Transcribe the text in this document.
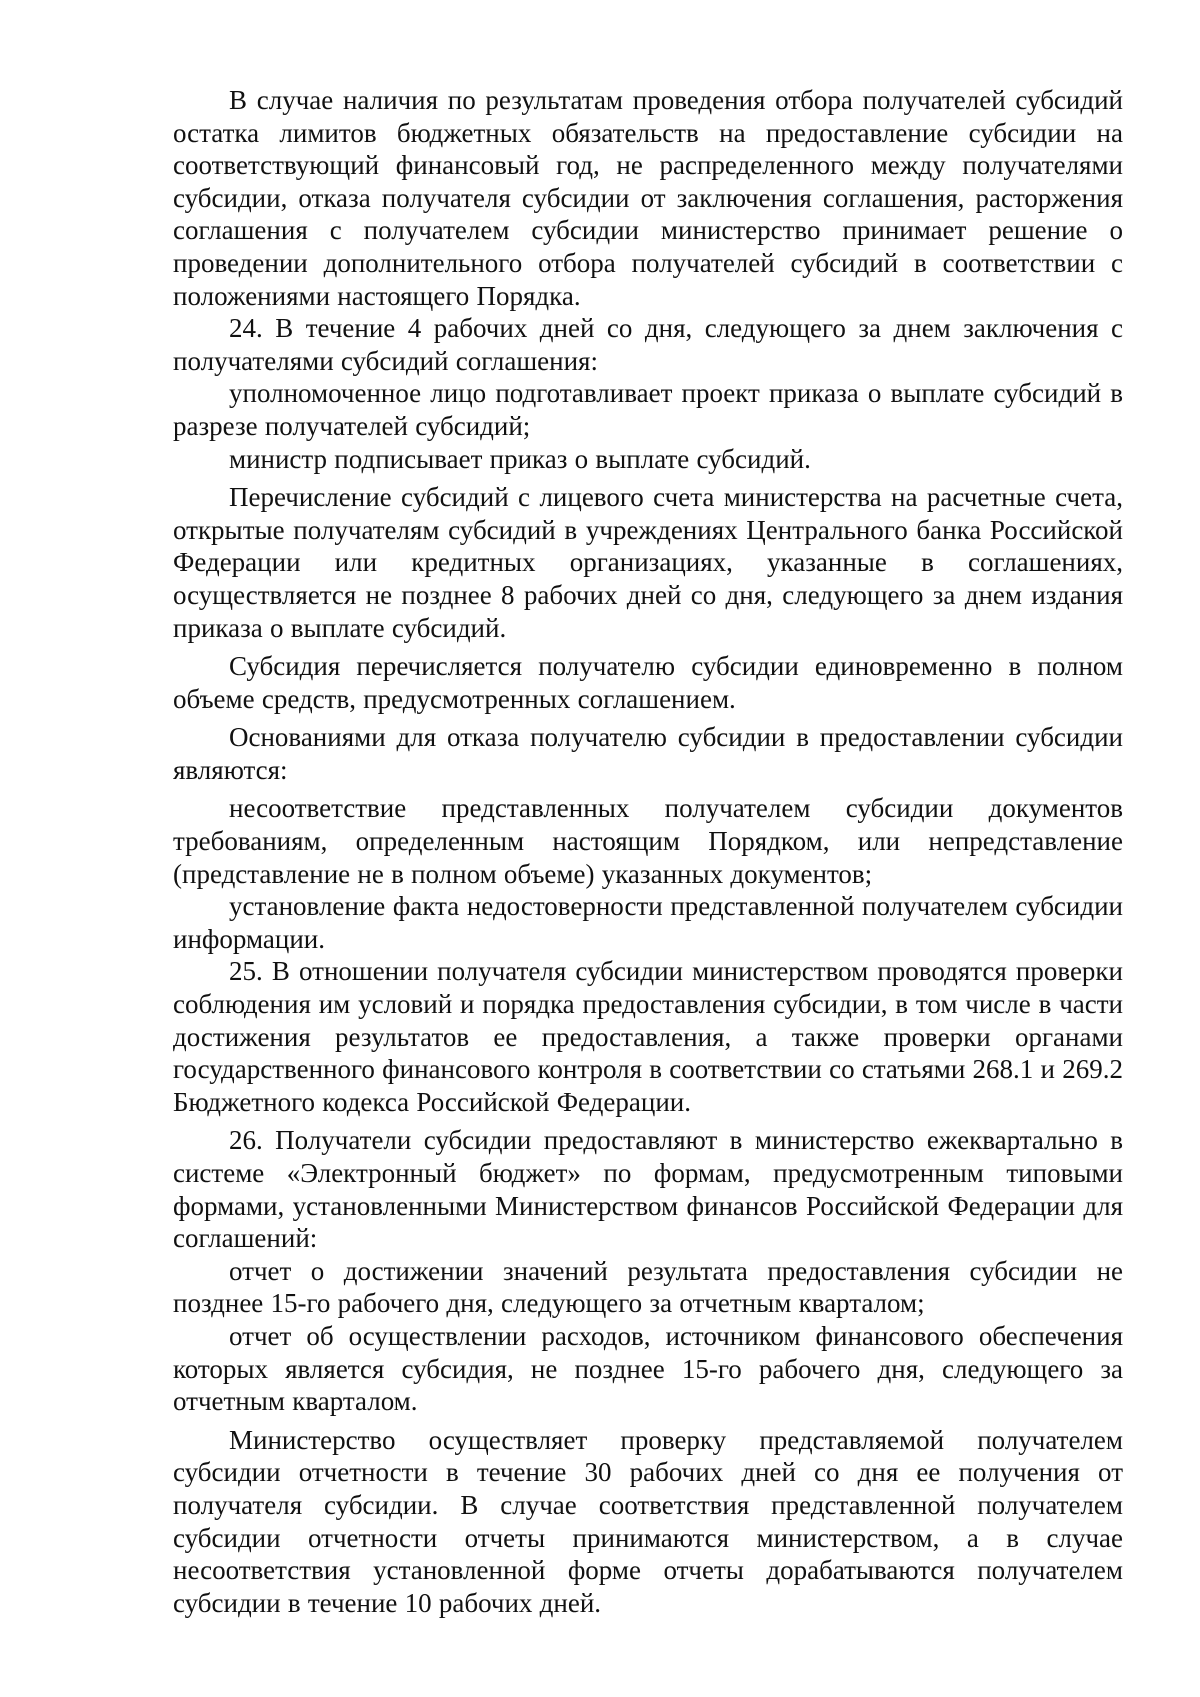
В случае наличия по результатам проведения отбора получателей субсидий остатка лимитов бюджетных обязательств на предоставление субсидии на соответствующий финансовый год, не распределенного между получателями субсидии, отказа получателя субсидии от заключения соглашения, расторжения соглашения с получателем субсидии министерство принимает решение о проведении дополнительного отбора получателей субсидий в соответствии с положениями настоящего Порядка.

24. В течение 4 рабочих дней со дня, следующего за днем заключения с получателями субсидий соглашения:

уполномоченное лицо подготавливает проект приказа о выплате субсидий в разрезе получателей субсидий;

министр подписывает приказ о выплате субсидий.

Перечисление субсидий с лицевого счета министерства на расчетные счета, открытые получателям субсидий в учреждениях Центрального банка Российской Федерации или кредитных организациях, указанные в соглашениях, осуществляется не позднее 8 рабочих дней со дня, следующего за днем издания приказа о выплате субсидий.

Субсидия перечисляется получателю субсидии единовременно в полном объеме средств, предусмотренных соглашением.

Основаниями для отказа получателю субсидии в предоставлении субсидии являются:

несоответствие представленных получателем субсидии документов требованиям, определенным настоящим Порядком, или непредставление (представление не в полном объеме) указанных документов;

установление факта недостоверности представленной получателем субсидии информации.

25. В отношении получателя субсидии министерством проводятся проверки соблюдения им условий и порядка предоставления субсидии, в том числе в части достижения результатов ее предоставления, а также проверки органами государственного финансового контроля в соответствии со статьями 268.1 и 269.2 Бюджетного кодекса Российской Федерации.

26. Получатели субсидии предоставляют в министерство ежеквартально в системе «Электронный бюджет» по формам, предусмотренным типовыми формами, установленными Министерством финансов Российской Федерации для соглашений:

отчет о достижении значений результата предоставления субсидии не позднее 15-го рабочего дня, следующего за отчетным кварталом;

отчет об осуществлении расходов, источником финансового обеспечения которых является субсидия, не позднее 15-го рабочего дня, следующего за отчетным кварталом.

Министерство осуществляет проверку представляемой получателем субсидии отчетности в течение 30 рабочих дней со дня ее получения от получателя субсидии. В случае соответствия представленной получателем субсидии отчетности отчеты принимаются министерством, а в случае несоответствия установленной форме отчеты дорабатываются получателем субсидии в течение 10 рабочих дней.
